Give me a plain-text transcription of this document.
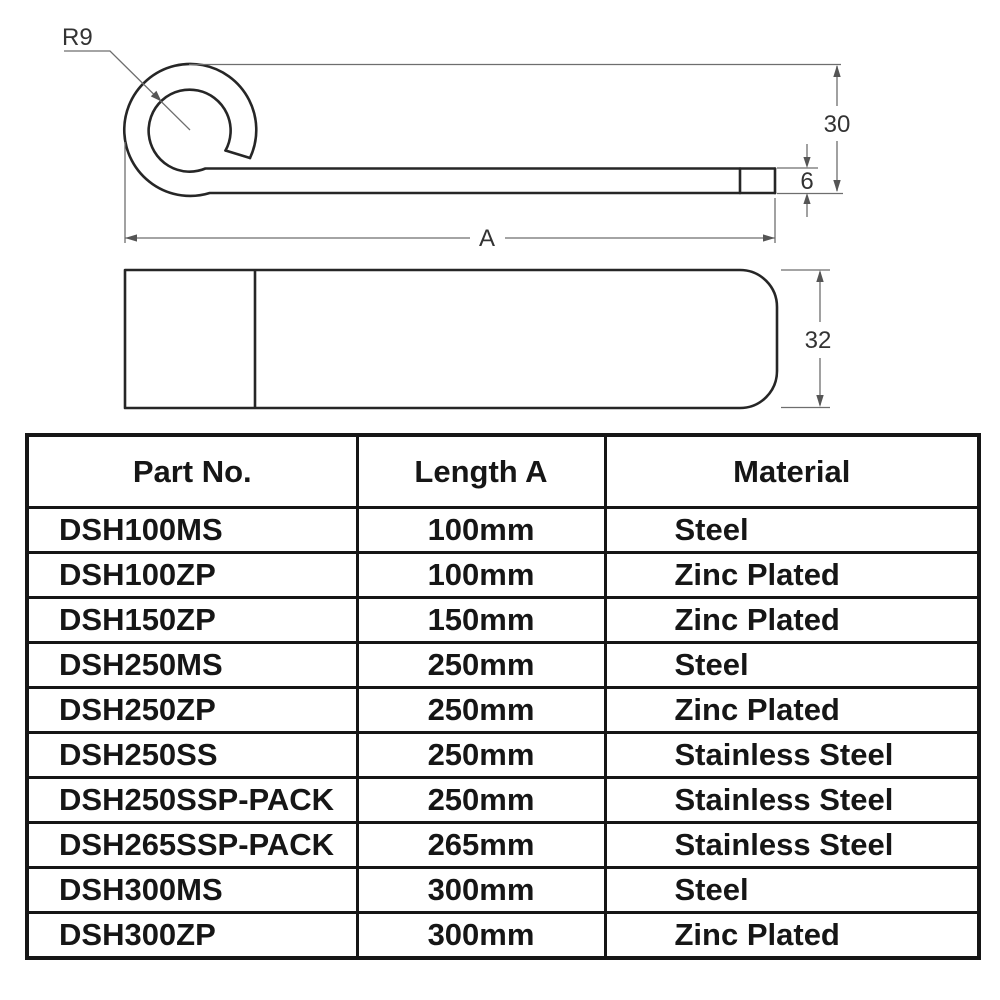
R9
30
6
A
32
Part No.	Length A	Material
DSH100MS	100mm	Steel
DSH100ZP	100mm	Zinc Plated
DSH150ZP	150mm	Zinc Plated
DSH250MS	250mm	Steel
DSH250ZP	250mm	Zinc Plated
DSH250SS	250mm	Stainless Steel
DSH250SSP-PACK	250mm	Stainless Steel
DSH265SSP-PACK	265mm	Stainless Steel
DSH300MS	300mm	Steel
DSH300ZP	300mm	Zinc Plated
